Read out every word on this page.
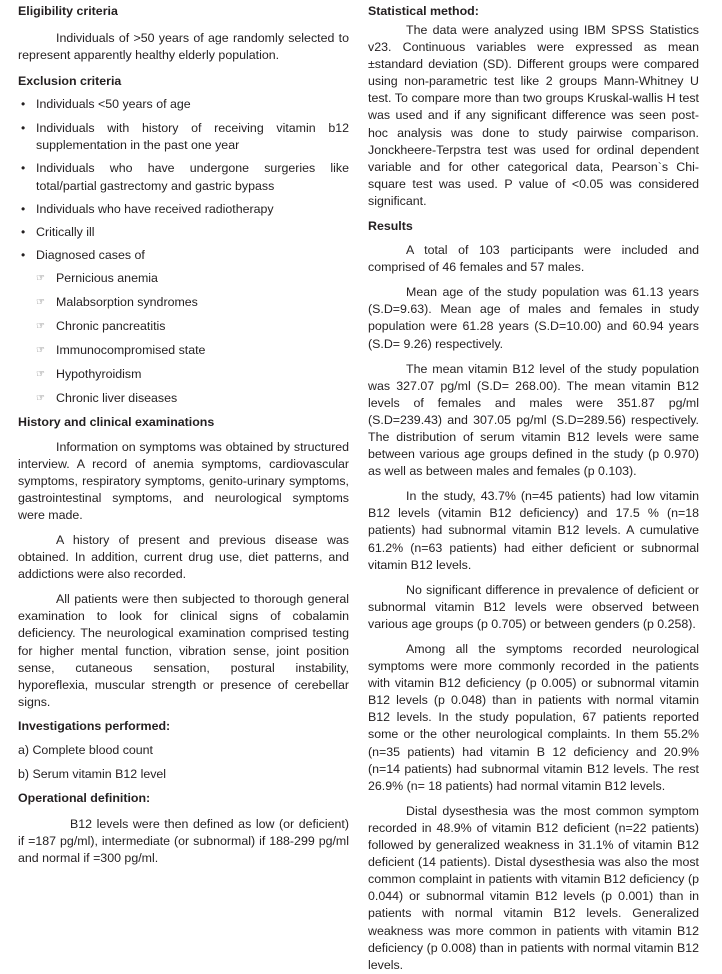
Eligibility criteria

Individuals of >50 years of age randomly selected to represent apparently healthy elderly population.

Exclusion criteria
• Individuals <50 years of age
• Individuals with history of receiving vitamin b12 supplementation in the past one year
• Individuals who have undergone surgeries like total/partial gastrectomy and gastric bypass
• Individuals who have received radiotherapy
• Critically ill
• Diagnosed cases of
☞ Pernicious anemia
☞ Malabsorption syndromes
☞ Chronic pancreatitis
☞ Immunocompromised state
☞ Hypothyroidism
☞ Chronic liver diseases
History and clinical examinations

Information on symptoms was obtained by structured interview. A record of anemia symptoms, cardiovascular symptoms, respiratory symptoms, genito-urinary symptoms, gastrointestinal symptoms, and neurological symptoms were made.

A history of present and previous disease was obtained. In addition, current drug use, diet patterns, and addictions were also recorded.

All patients were then subjected to thorough general examination to look for clinical signs of cobalamin deficiency. The neurological examination comprised testing for higher mental function, vibration sense, joint position sense, cutaneous sensation, postural instability, hyporeflexia, muscular strength or presence of cerebellar signs.

Investigations performed:

a) Complete blood count

b) Serum vitamin B12 level

Operational definition:

B12 levels were then defined as low (or deficient) if =187 pg/ml), intermediate (or subnormal) if 188-299 pg/ml and normal if =300 pg/ml.

Statistical method:

The data were analyzed using IBM SPSS Statistics v23. Continuous variables were expressed as mean ±standard deviation (SD). Different groups were compared using non-parametric test like 2 groups Mann-Whitney U test. To compare more than two groups Kruskal-wallis H test was used and if any significant difference was seen post-hoc analysis was done to study pairwise comparison. Jonckheere-Terpstra test was used for ordinal dependent variable and for other categorical data, Pearson`s Chi-square test was used. P value of <0.05 was considered significant.

Results

A total of 103 participants were included and comprised of 46 females and 57 males.

Mean age of the study population was 61.13 years (S.D=9.63). Mean age of males and females in study population were 61.28 years (S.D=10.00) and 60.94 years (S.D= 9.26) respectively.

The mean vitamin B12 level of the study population was 327.07 pg/ml (S.D= 268.00). The mean vitamin B12 levels of females and males were 351.87 pg/ml (S.D=239.43) and 307.05 pg/ml (S.D=289.56) respectively. The distribution of serum vitamin B12 levels were same between various age groups defined in the study (p 0.970) as well as between males and females (p 0.103).

In the study, 43.7% (n=45 patients) had low vitamin B12 levels (vitamin B12 deficiency) and 17.5 % (n=18 patients) had subnormal vitamin B12 levels. A cumulative 61.2% (n=63 patients) had either deficient or subnormal vitamin B12 levels.

No significant difference in prevalence of deficient or subnormal vitamin B12 levels were observed between various age groups (p 0.705) or between genders (p 0.258).

Among all the symptoms recorded neurological symptoms were more commonly recorded in the patients with vitamin B12 deficiency (p 0.005) or subnormal vitamin B12 levels (p 0.048) than in patients with normal vitamin B12 levels. In the study population, 67 patients reported some or the other neurological complaints. In them 55.2% (n=35 patients) had vitamin B 12 deficiency and 20.9% (n=14 patients) had subnormal vitamin B12 levels. The rest 26.9% (n= 18 patients) had normal vitamin B12 levels.

Distal dysesthesia was the most common symptom recorded in 48.9% of vitamin B12 deficient (n=22 patients) followed by generalized weakness in 31.1% of vitamin B12 deficient (14 patients). Distal dysesthesia was also the most common complaint in patients with vitamin B12 deficiency (p 0.044) or subnormal vitamin B12 levels (p 0.001) than in patients with normal vitamin B12 levels. Generalized weakness was more common in patients with vitamin B12 deficiency (p 0.008) than in patients with normal vitamin B12 levels.
